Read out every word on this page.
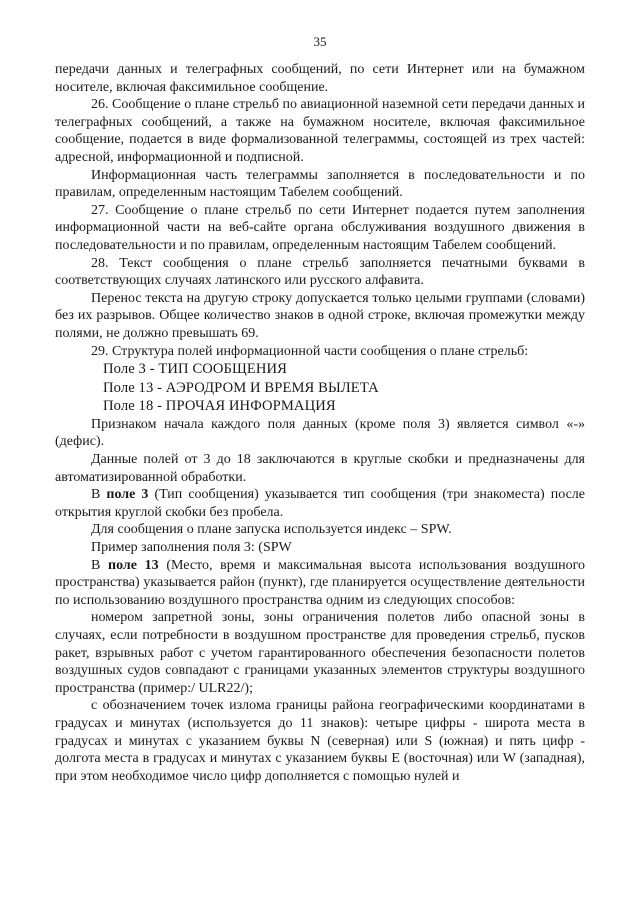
35

передачи данных и телеграфных сообщений, по сети Интернет или на бумажном носителе, включая факсимильное сообщение.

26. Сообщение о плане стрельб по авиационной наземной сети передачи данных и телеграфных сообщений, а также на бумажном носителе, включая факсимильное сообщение, подается в виде формализованной телеграммы, состоящей из трех частей: адресной, информационной и подписной.

Информационная часть телеграммы заполняется в последовательности и по правилам, определенным настоящим Табелем сообщений.

27. Сообщение о плане стрельб по сети Интернет подается путем заполнения информационной части на веб-сайте органа обслуживания воздушного движения в последовательности и по правилам, определенным настоящим Табелем сообщений.

28. Текст сообщения о плане стрельб заполняется печатными буквами в соответствующих случаях латинского или русского алфавита.

Перенос текста на другую строку допускается только целыми группами (словами) без их разрывов. Общее количество знаков в одной строке, включая промежутки между полями, не должно превышать 69.

29. Структура полей информационной части сообщения о плане стрельб:

Поле 3 - ТИП СООБЩЕНИЯ

Поле 13 - АЭРОДРОМ И ВРЕМЯ ВЫЛЕТА

Поле 18 - ПРОЧАЯ ИНФОРМАЦИЯ

Признаком начала каждого поля данных (кроме поля 3) является символ «-» (дефис).

Данные полей от 3 до 18 заключаются в круглые скобки и предназначены для автоматизированной обработки.

В поле 3 (Тип сообщения) указывается тип сообщения (три знакоместа) после открытия круглой скобки без пробела.

Для сообщения о плане запуска используется индекс – SPW.

Пример заполнения поля 3: (SPW

В поле 13 (Место, время и максимальная высота использования воздушного пространства) указывается район (пункт), где планируется осуществление деятельности по использованию воздушного пространства одним из следующих способов:

номером запретной зоны, зоны ограничения полетов либо опасной зоны в случаях, если потребности в воздушном пространстве для проведения стрельб, пусков ракет, взрывных работ с учетом гарантированного обеспечения безопасности полетов воздушных судов совпадают с границами указанных элементов структуры воздушного пространства (пример:/ ULR22/);

с обозначением точек излома границы района географическими координатами в градусах и минутах (используется до 11 знаков): четыре цифры - широта места в градусах и минутах с указанием буквы N (северная) или S (южная) и пять цифр - долгота места в градусах и минутах с указанием буквы E (восточная) или W (западная), при этом необходимое число цифр дополняется с помощью нулей и
